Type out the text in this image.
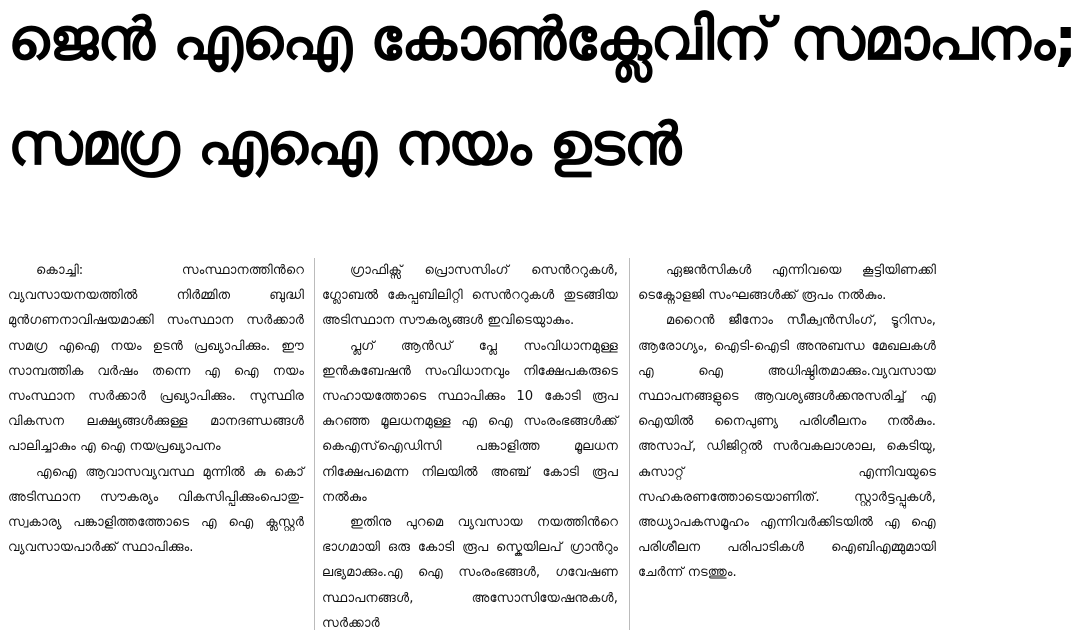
ജെൻ എഐ കോൺക്ലേവിന് സമാപനം;
സമഗ്ര എഐ നയം ഉടൻ

കൊച്ചി: സംസ്ഥാനത്തിൻറെ വ്യവസായനയത്തിൽ നിർമ്മിത ബുദ്ധി മുൻഗണനാവിഷയമാക്കി സംസ്ഥാന സർക്കാർ സമഗ്ര എഐ നയം ഉടൻ പ്രഖ്യാപിക്കും. ഈ സാമ്പത്തിക വർഷം തന്നെ എ ഐ നയം സംസ്ഥാന സർക്കാർ പ്രഖ്യാപിക്കും. സുസ്ഥിര വികസന ലക്ഷ്യങ്ങൾക്കുള്ള മാനദണ്ഡങ്ങൾ പാലിച്ചാകും എ ഐ നയപ്രഖ്യാപനം

എഐ ആവാസവ്യവസ്ഥ മുന്നിൽ കു കൊ് അടിസ്ഥാന സൗകര്യം വികസിപ്പിക്കുംപൊതു-സ്വകാര്യ പങ്കാളിത്തത്തോടെ എ ഐ ക്ലസ്റ്റർ വ്യവസായപാർക്ക് സ്ഥാപിക്കും.

ഗ്രാഫിക്സ് പ്രൊസസിംഗ് സെൻററുകൾ, ഗ്ലോബൽ കേപ്പബിലിറ്റി സെൻററുകൾ തുടങ്ങിയ അടിസ്ഥാന സൗകര്യങ്ങൾ ഇവിടെയുാകും.

പ്ലഗ് ആൻഡ് പ്ലേ സംവിധാനമുള്ള ഇൻകുബേഷൻ സംവിധാനവും നിക്ഷേപകരുടെ സഹായത്തോടെ സ്ഥാപിക്കും 10 കോടി രൂപ കുറഞ്ഞ മൂലധനമുള്ള എ ഐ സംരംഭങ്ങൾക്ക് കെഎസ്ഐഡിസി പങ്കാളിത്ത മൂലധന നിക്ഷേപമെന്ന നിലയിൽ അഞ്ച് കോടി രൂപ നൽകും

ഇതിനു പുറമെ വ്യവസായ നയത്തിൻറെ ഭാഗമായി ഒരു കോടി രൂപ സ്കെയിലപ് ഗ്രാൻറും ലഭ്യമാക്കും.എ ഐ സംരംഭങ്ങൾ, ഗവേഷണ സ്ഥാപനങ്ങൾ, അസോസിയേഷനുകൾ, സർക്കാർ

ഏജൻസികൾ എന്നിവയെ കൂട്ടിയിണക്കി ടെക്നോളജി സംഘങ്ങൾക്ക് രൂപം നൽകും.

മറൈൻ ജീനോം സീക്വൻസിംഗ്, ടൂറിസം, ആരോഗ്യം, ഐടി-ഐടി അനുബന്ധ മേഖലകൾ എ ഐ അധിഷ്ഠിതമാക്കും.വ്യവസായ സ്ഥാപനങ്ങളുടെ ആവശ്യങ്ങൾക്കനുസരിച്ച് എ ഐയിൽ നൈപുണ്യ പരിശീലനം നൽകും. അസാപ്, ഡിജിറ്റൽ സർവകലാശാല, കെടിയു, കുസാറ്റ് എന്നിവയുടെ സഹകരണത്തോടെയാണിത്. സ്റ്റാർട്ടപ്പുകൾ, അധ്യാപകസമൂഹം എന്നിവർക്കിടയിൽ എ ഐ പരിശീലന പരിപാടികൾ ഐബിഎമ്മുമായി ചേർന്ന് നടത്തും.
